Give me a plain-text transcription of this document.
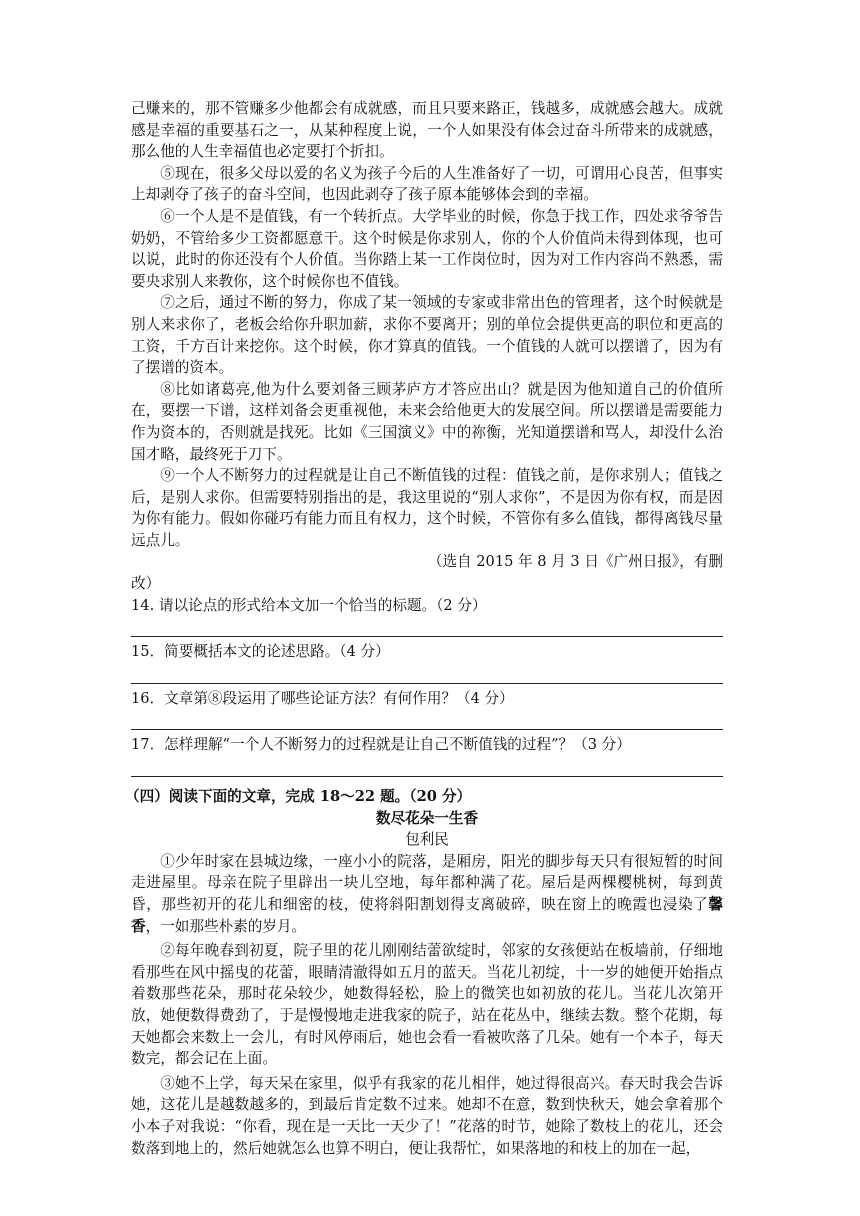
己赚来的，那不管赚多少他都会有成就感，而且只要来路正，钱越多，成就感会越大。成就感是幸福的重要基石之一，从某种程度上说，一个人如果没有体会过奋斗所带来的成就感，那么他的人生幸福值也必定要打个折扣。

⑤现在，很多父母以爱的名义为孩子今后的人生准备好了一切，可谓用心良苦，但事实上却剥夺了孩子的奋斗空间，也因此剥夺了孩子原本能够体会到的幸福。

⑥一个人是不是值钱，有一个转折点。大学毕业的时候，你急于找工作，四处求爷爷告奶奶，不管给多少工资都愿意干。这个时候是你求别人，你的个人价值尚未得到体现，也可以说，此时的你还没有个人价值。当你踏上某一工作岗位时，因为对工作内容尚不熟悉，需要央求别人来教你，这个时候你也不值钱。

⑦之后，通过不断的努力，你成了某一领域的专家或非常出色的管理者，这个时候就是别人来求你了，老板会给你升职加薪，求你不要离开；别的单位会提供更高的职位和更高的工资，千方百计来挖你。这个时候，你才算真的值钱。一个值钱的人就可以摆谱了，因为有了摆谱的资本。

⑧比如诸葛亮,他为什么要刘备三顾茅庐方才答应出山？就是因为他知道自己的价值所在，要摆一下谱，这样刘备会更重视他，未来会给他更大的发展空间。所以摆谱是需要能力作为资本的，否则就是找死。比如《三国演义》中的祢衡，光知道摆谱和骂人，却没什么治国才略，最终死于刀下。

⑨一个人不断努力的过程就是让自己不断值钱的过程：值钱之前，是你求别人；值钱之后，是别人求你。但需要特别指出的是，我这里说的“别人求你”，不是因为你有权，而是因为你有能力。假如你碰巧有能力而且有权力，这个时候，不管你有多么值钱，都得离钱尽量远点儿。

（选自 2015 年 8 月 3 日《广州日报》，有删

改）

14. 请以论点的形式给本文加一个恰当的标题。（2 分）

15．简要概括本文的论述思路。（4 分）

16．文章第⑧段运用了哪些论证方法？有何作用？（4 分）

17．怎样理解“一个人不断努力的过程就是让自己不断值钱的过程”？（3 分）

（四）阅读下面的文章，完成 18～22 题。（20 分）

数尽花朵一生香

包利民

①少年时家在县城边缘，一座小小的院落，是厢房，阳光的脚步每天只有很短暂的时间走进屋里。母亲在院子里辟出一块儿空地，每年都种满了花。屋后是两棵樱桃树，每到黄昏，那些初开的花儿和细密的枝，使将斜阳割划得支离破碎，映在窗上的晚霞也浸染了馨香，一如那些朴素的岁月。

②每年晚春到初夏，院子里的花儿刚刚结蕾欲绽时，邻家的女孩便站在板墙前，仔细地看那些在风中摇曳的花蕾，眼睛清澈得如五月的蓝天。当花儿初绽，十一岁的她便开始指点着数那些花朵，那时花朵较少，她数得轻松，脸上的微笑也如初放的花儿。当花儿次第开放，她便数得费劲了，于是慢慢地走进我家的院子，站在花丛中，继续去数。整个花期，每天她都会来数上一会儿，有时风停雨后，她也会看一看被吹落了几朵。她有一个本子，每天数完，都会记在上面。

③她不上学，每天呆在家里，似乎有我家的花儿相伴，她过得很高兴。春天时我会告诉她，这花儿是越数越多的，到最后肯定数不过来。她却不在意，数到快秋天，她会拿着那个小本子对我说：“你看，现在是一天比一天少了！”花落的时节，她除了数枝上的花儿，还会数落到地上的，然后她就怎么也算不明白，便让我帮忙，如果落地的和枝上的加在一起，
